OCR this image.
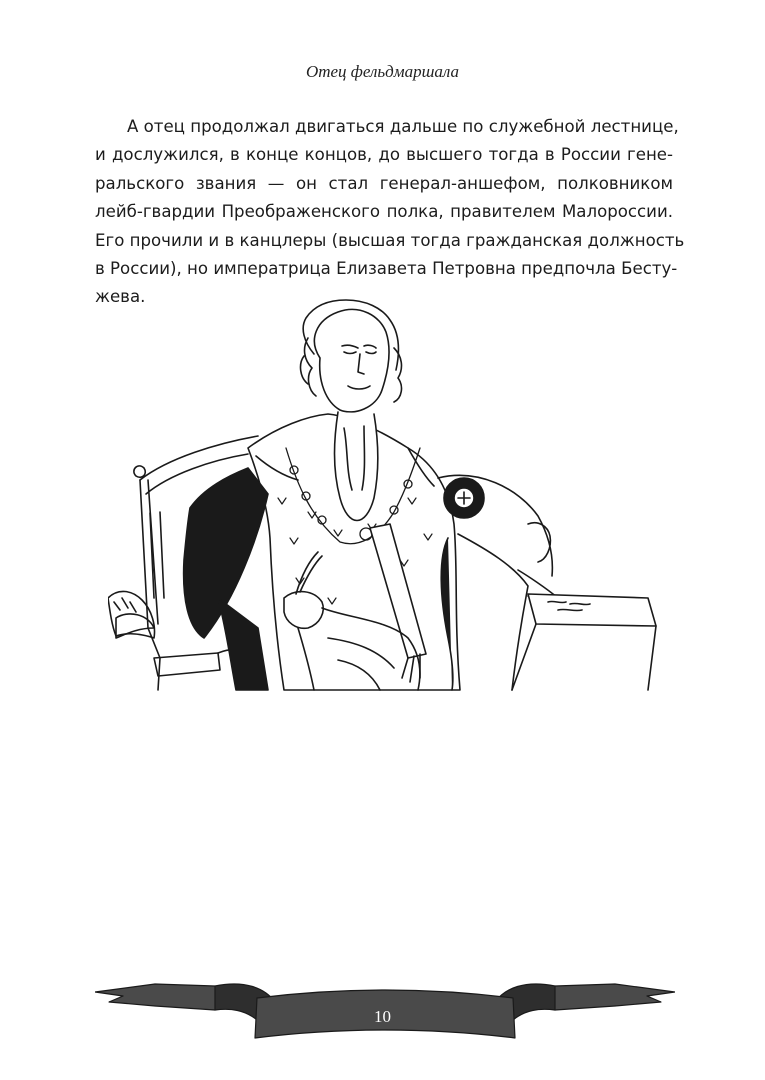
Отец фельдмаршала
А отец продолжал двигаться дальше по служебной лестнице,
и дослужился, в конце концов, до высшего тогда в России гене-
ральского звания — он стал генерал-аншефом, полковником
лейб-гвардии Преображенского полка, правителем Малороссии.
Его прочили и в канцлеры (высшая тогда гражданская должность
в России), но императрица Елизавета Петровна предпочла Бесту-
жева.
10
